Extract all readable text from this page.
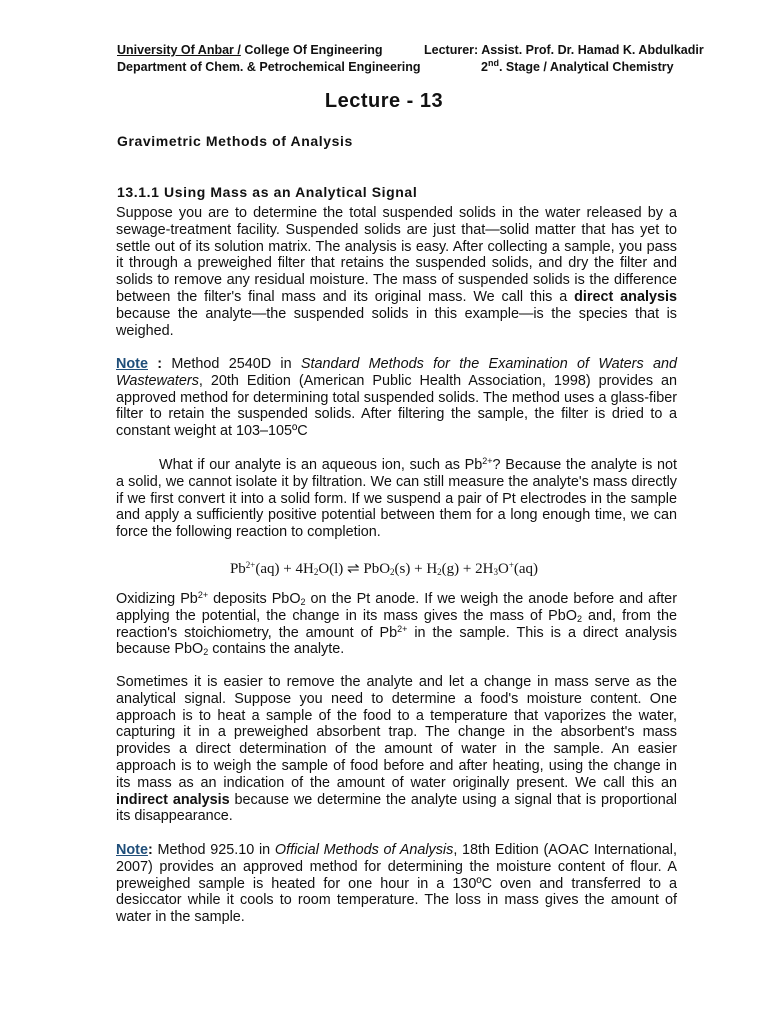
University Of Anbar / College Of Engineering	Lecturer: Assist. Prof. Dr. Hamad K. Abdulkadir
Department of Chem. & Petrochemical Engineering	2nd. Stage / Analytical Chemistry
Lecture - 13
Gravimetric Methods of Analysis
13.1.1 Using Mass as an Analytical Signal
Suppose you are to determine the total suspended solids in the water released by a sewage-treatment facility. Suspended solids are just that—solid matter that has yet to settle out of its solution matrix. The analysis is easy. After collecting a sample, you pass it through a preweighed filter that retains the suspended solids, and dry the filter and solids to remove any residual moisture. The mass of suspended solids is the difference between the filter's final mass and its original mass. We call this a direct analysis because the analyte—the suspended solids in this example—is the species that is weighed.
Note : Method 2540D in Standard Methods for the Examination of Waters and Wastewaters, 20th Edition (American Public Health Association, 1998) provides an approved method for determining total suspended solids. The method uses a glass-fiber filter to retain the suspended solids. After filtering the sample, the filter is dried to a constant weight at 103–105ºC
What if our analyte is an aqueous ion, such as $Pb^{2+}$? Because the analyte is not a solid, we cannot isolate it by filtration. We can still measure the analyte's mass directly if we first convert it into a solid form. If we suspend a pair of Pt electrodes in the sample and apply a sufficiently positive potential between them for a long enough time, we can force the following reaction to completion.
$Pb^{2+}(aq) + 4H_2O(l)$ ⇌ $PbO_2(s) + H_2(g) + 2H_3O^+(aq)$
Oxidizing $Pb^{2+}$ deposits PbO$_2$ on the Pt anode. If we weigh the anode before and after applying the potential, the change in its mass gives the mass of PbO$_2$ and, from the reaction's stoichiometry, the amount of $Pb^{2+}$ in the sample. This is a direct analysis because PbO$_2$ contains the analyte.
Sometimes it is easier to remove the analyte and let a change in mass serve as the analytical signal. Suppose you need to determine a food's moisture content. One approach is to heat a sample of the food to a temperature that vaporizes the water, capturing it in a preweighed absorbent trap. The change in the absorbent's mass provides a direct determination of the amount of water in the sample. An easier approach is to weigh the sample of food before and after heating, using the change in its mass as an indication of the amount of water originally present. We call this an indirect analysis because we determine the analyte using a signal that is proportional its disappearance.
Note: Method 925.10 in Official Methods of Analysis, 18th Edition (AOAC International, 2007) provides an approved method for determining the moisture content of flour. A preweighed sample is heated for one hour in a 130ºC oven and transferred to a desiccator while it cools to room temperature. The loss in mass gives the amount of water in the sample.
